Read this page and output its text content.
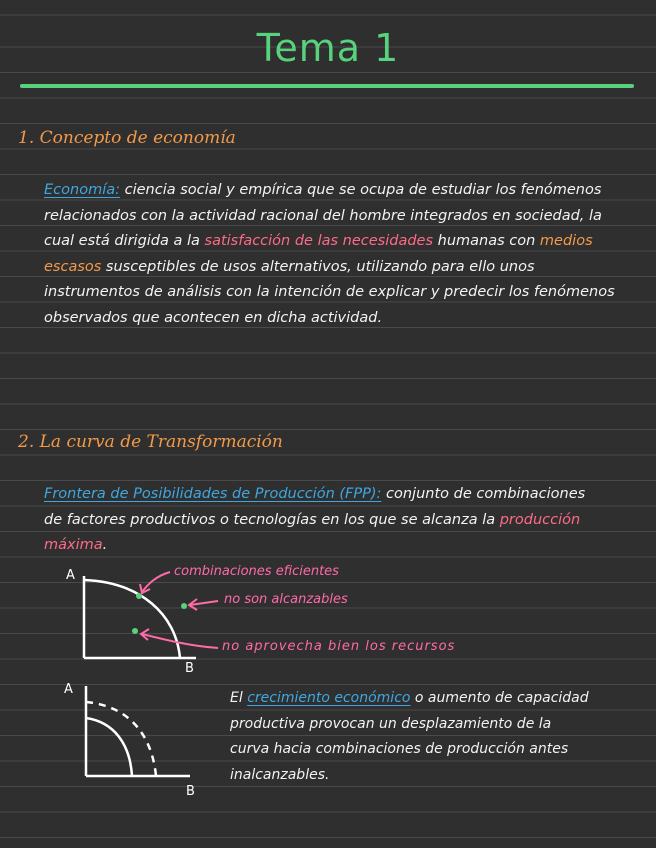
Tema 1
1. Concepto de economía
Economía: ciencia social y empírica que se ocupa de estudiar los fenómenos relacionados con la actividad racional del hombre integrados en sociedad, la cual está dirigida a la satisfacción de las necesidades humanas con medios escasos susceptibles de usos alternativos, utilizando para ello unos instrumentos de análisis con la intención de explicar y predecir los fenómenos observados que acontecen en dicha actividad.
2. La curva de Transformación
Frontera de Posibilidades de Producción (FPP): conjunto de combinaciones de factores productivos o tecnologías en los que se alcanza la producción máxima.
A
B
combinaciones eficientes
no son alcanzables
no aprovecha bien los recursos
A
B
El crecimiento económico o aumento de capacidad productiva provocan un desplazamiento de la curva hacia combinaciones de producción antes inalcanzables.
